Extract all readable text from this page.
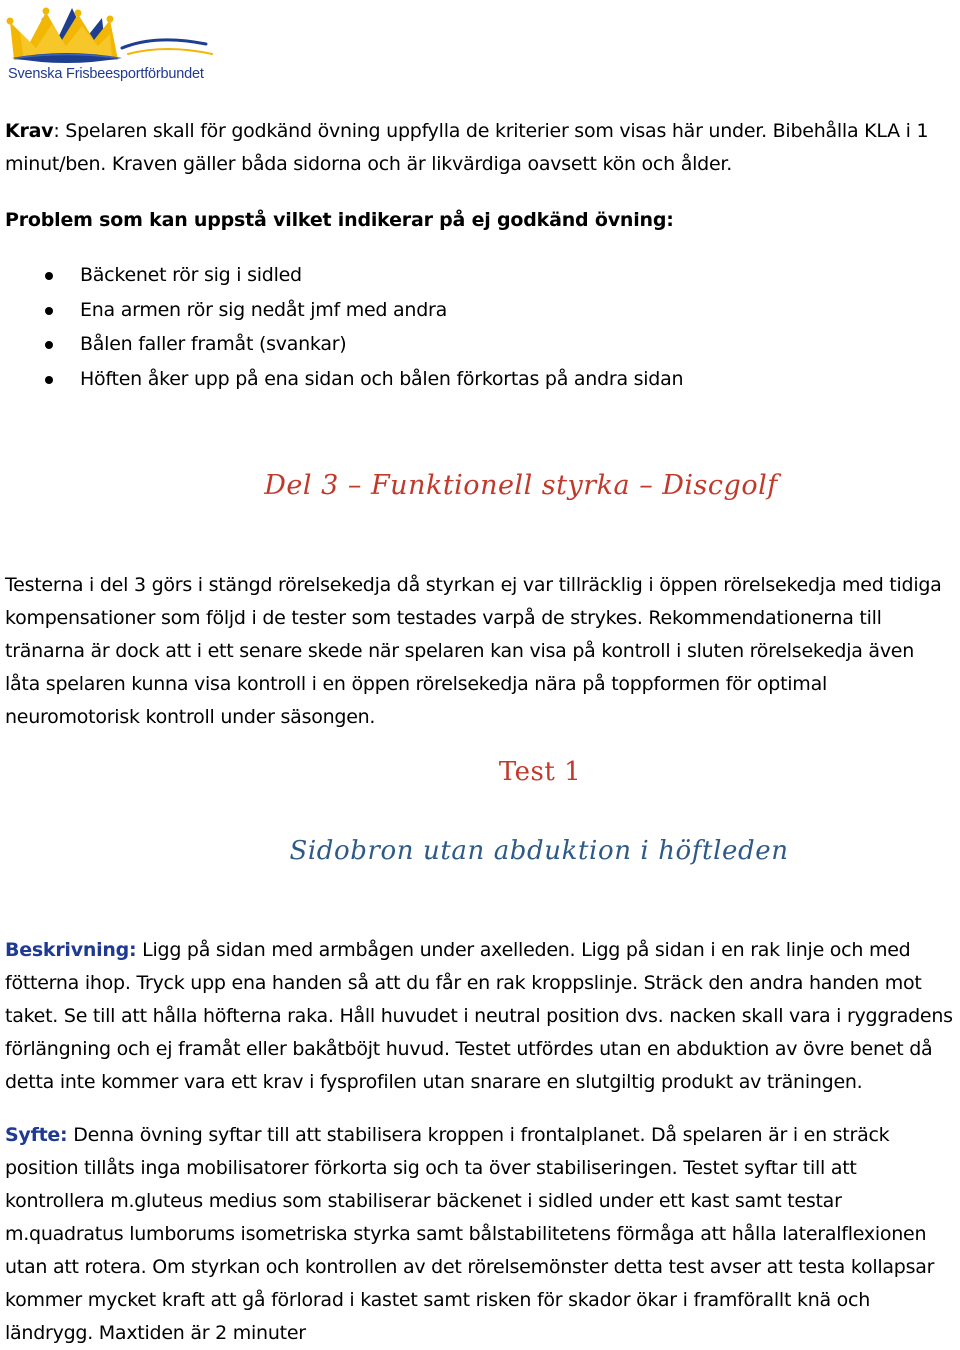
Svenska Frisbeesportförbundet
Krav: Spelaren skall för godkänd övning uppfylla de kriterier som visas här under. Bibehålla KLA i 1
minut/ben. Kraven gäller båda sidorna och är likvärdiga oavsett kön och ålder.
Problem som kan uppstå vilket indikerar på ej godkänd övning:
Bäckenet rör sig i sidled
Ena armen rör sig nedåt jmf med andra
Bålen faller framåt (svankar)
Höften åker upp på ena sidan och bålen förkortas på andra sidan
Del 3 – Funktionell styrka – Discgolf
Testerna i del 3 görs i stängd rörelsekedja då styrkan ej var tillräcklig i öppen rörelsekedja med tidiga
kompensationer som följd i de tester som testades varpå de strykes. Rekommendationerna till
tränarna är dock att i ett senare skede när spelaren kan visa på kontroll i sluten rörelsekedja även
låta spelaren kunna visa kontroll i en öppen rörelsekedja nära på toppformen för optimal
neuromotorisk kontroll under säsongen.
Test 1
Sidobron utan abduktion i höftleden
Beskrivning: Ligg på sidan med armbågen under axelleden. Ligg på sidan i en rak linje och med
fötterna ihop. Tryck upp ena handen så att du får en rak kroppslinje. Sträck den andra handen mot
taket. Se till att hålla höfterna raka. Håll huvudet i neutral position dvs. nacken skall vara i ryggradens
förlängning och ej framåt eller bakåtböjt huvud. Testet utfördes utan en abduktion av övre benet då
detta inte kommer vara ett krav i fysprofilen utan snarare en slutgiltig produkt av träningen.
Syfte: Denna övning syftar till att stabilisera kroppen i frontalplanet. Då spelaren är i en sträck
position tillåts inga mobilisatorer förkorta sig och ta över stabiliseringen. Testet syftar till att
kontrollera m.gluteus medius som stabiliserar bäckenet i sidled under ett kast samt testar
m.quadratus lumborums isometriska styrka samt bålstabilitetens förmåga att hålla lateralflexionen
utan att rotera. Om styrkan och kontrollen av det rörelsemönster detta test avser att testa kollapsar
kommer mycket kraft att gå förlorad i kastet samt risken för skador ökar i framförallt knä och
ländrygg. Maxtiden är 2 minuter
